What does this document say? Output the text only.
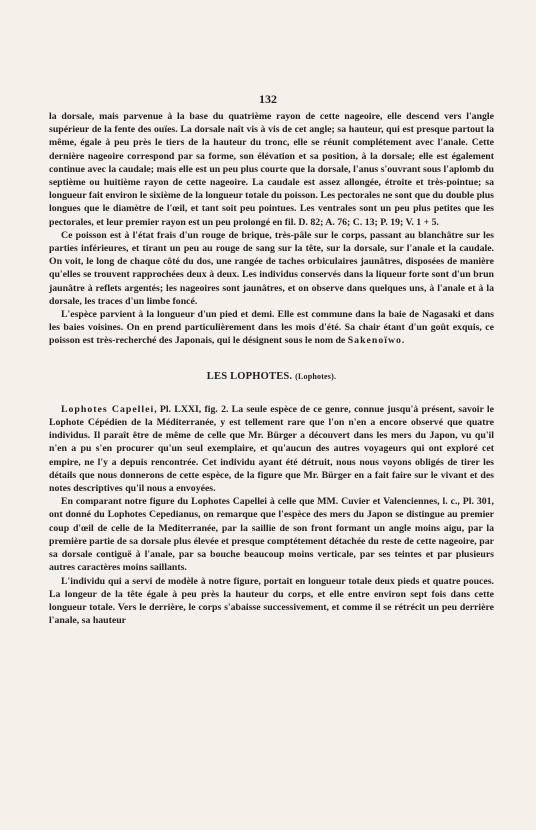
132

la dorsale, mais parvenue à la base du quatrième rayon de cette nageoire, elle descend vers l'angle supérieur de la fente des ouïes. La dorsale naît vis à vis de cet angle; sa hauteur, qui est presque partout la même, égale à peu près le tiers de la hauteur du tronc, elle se réunit complétement avec l'anale. Cette dernière nageoire correspond par sa forme, son élévation et sa position, à la dorsale; elle est également continue avec la caudale; mais elle est un peu plus courte que la dorsale, l'anus s'ouvrant sous l'aplomb du septième ou huitième rayon de cette nageoire. La caudale est assez allongée, étroite et très-pointue; sa longueur fait environ le sixième de la longueur totale du poisson. Les pectorales ne sont que du double plus longues que le diamètre de l'œil, et tant soit peu pointues. Les ventrales sont un peu plus petites que les pectorales, et leur premier rayon est un peu prolongé en fil. D. 82; A. 76; C. 13; P. 19; V. 1 + 5.

Ce poisson est à l'état frais d'un rouge de brique, très-pâle sur le corps, passant au blanchâtre sur les parties inférieures, et tirant un peu au rouge de sang sur la tête, sur la dorsale, sur l'anale et la caudale. On voit, le long de chaque côté du dos, une rangée de taches orbiculaires jaunâtres, disposées de manière qu'elles se trouvent rapprochées deux à deux. Les individus conservés dans la liqueur forte sont d'un brun jaunâtre à reflets argentés; les nageoires sont jaunâtres, et on observe dans quelques uns, à l'anale et à la dorsale, les traces d'un limbe foncé.

L'espèce parvient à la longueur d'un pied et demi. Elle est commune dans la baie de Nagasaki et dans les baies voisines. On en prend particulièrement dans les mois d'été. Sa chair étant d'un goût exquis, ce poisson est très-recherché des Japonais, qui le désignent sous le nom de Sakenoïwo.

LES LOPHOTES. (Lophotes).

Lophotes Capellei, Pl. LXXI, fig. 2. La seule espèce de ce genre, connue jusqu'à présent, savoir le Lophote Cépédien de la Méditerranée, y est tellement rare que l'on n'en a encore observé que quatre individus. Il paraît être de même de celle que Mr. Bürger a découvert dans les mers du Japon, vu qu'il n'en a pu s'en procurer qu'un seul exemplaire, et qu'aucun des autres voyageurs qui ont exploré cet empire, ne l'y a depuis rencontrée. Cet individu ayant été détruit, nous nous voyons obligés de tirer les détails que nous donnerons de cette espèce, de la figure que Mr. Bürger en a fait faire sur le vivant et des notes descriptives qu'il nous a envoyées.

En comparant notre figure du Lophotes Capellei à celle que MM. Cuvier et Valenciennes, l. c., Pl. 301, ont donné du Lophotes Cepedianus, on remarque que l'espèce des mers du Japon se distingue au premier coup d'œil de celle de la Mediterranée, par la saillie de son front formant un angle moins aigu, par la première partie de sa dorsale plus élevée et presque comptétement détachée du reste de cette nageoire, par sa dorsale contiguë à l'anale, par sa bouche beaucoup moins verticale, par ses teintes et par plusieurs autres caractères moins saillants.

L'individu qui a servi de modèle à notre figure, portait en longueur totale deux pieds et quatre pouces. La longeur de la tête égale à peu près la hauteur du corps, et elle entre environ sept fois dans cette longueur totale. Vers le derrière, le corps s'abaisse successivement, et comme il se rétrécit un peu derrière l'anale, sa hauteur
